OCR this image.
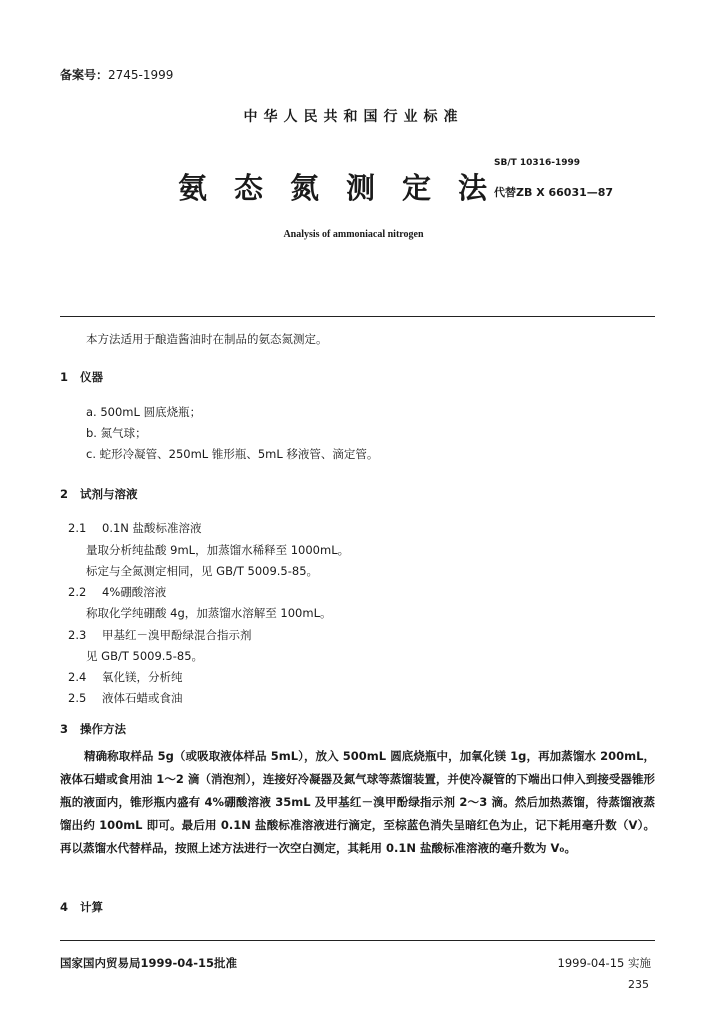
备案号：2745-1999
中华人民共和国行业标准
SB/T 10316-1999
氨态氮测定法
代替ZB X 66031—87
Analysis of ammoniacal nitrogen
本方法适用于酿造酱油时在制品的氨态氮测定。
1 仪器
a. 500mL 圆底烧瓶；
b. 氮气球；
c. 蛇形冷凝管、250mL 锥形瓶、5mL 移液管、滴定管。
2 试剂与溶液
2.1 0.1N 盐酸标准溶液
量取分析纯盐酸 9mL，加蒸馏水稀释至 1000mL。
标定与全氮测定相同，见 GB/T 5009.5-85。
2.2 4%硼酸溶液
称取化学纯硼酸 4g，加蒸馏水溶解至 100mL。
2.3 甲基红－溴甲酚绿混合指示剂
见 GB/T 5009.5-85。
2.4 氧化镁，分析纯
2.5 液体石蜡或食油
3 操作方法
精确称取样品 5g（或吸取液体样品 5mL），放入 500mL 圆底烧瓶中，加氧化镁 1g，再加蒸馏水 200mL，液体石蜡或食用油 1～2 滴（消泡剂），连接好冷凝器及氮气球等蒸馏装置，并使冷凝管的下端出口伸入到接受器锥形瓶的液面内，锥形瓶内盛有 4%硼酸溶液 35mL 及甲基红－溴甲酚绿指示剂 2～3 滴。然后加热蒸馏，待蒸馏液蒸馏出约 100mL 即可。最后用 0.1N 盐酸标准溶液进行滴定，至棕蓝色消失呈暗红色为止，记下耗用毫升数（V）。再以蒸馏水代替样品，按照上述方法进行一次空白测定，其耗用 0.1N 盐酸标准溶液的毫升数为 V₀。
4 计算
国家国内贸易局1999-04-15批准	1999-04-15 实施
235
